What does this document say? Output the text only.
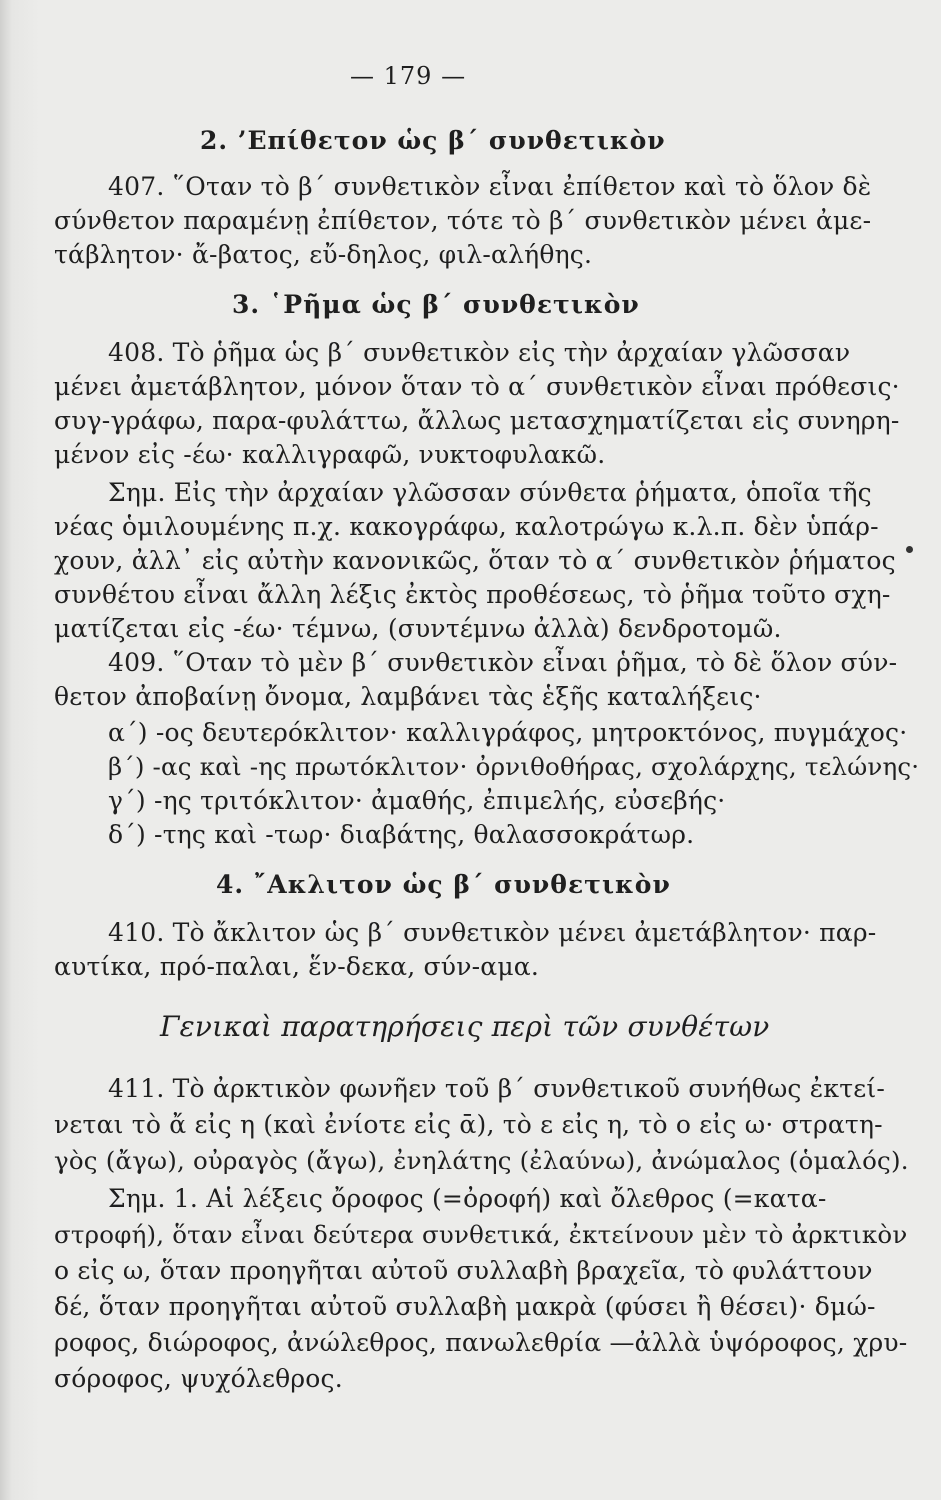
— 179 —
2. ’Επίθετον ὡς β΄ συνθετικὸν
407. ῞Οταν τὸ β΄ συνθετικὸν εἶναι ἐπίθετον καὶ τὸ ὅλον δὲ
σύνθετον παραμένῃ ἐπίθετον, τότε τὸ β΄ συνθετικὸν μένει ἀμε-
τάβλητον· ἄ-βατος, εὔ-δηλος, φιλ-αλήθης.
3. ῾Ρῆμα ὡς β΄ συνθετικὸν
408. Τὸ ῥῆμα ὡς β΄ συνθετικὸν εἰς τὴν ἀρχαίαν γλῶσσαν
μένει ἀμετάβλητον, μόνον ὅταν τὸ α΄ συνθετικὸν εἶναι πρόθεσις·
συγ-γράφω, παρα-φυλάττω, ἄλλως μετασχηματίζεται εἰς συνηρη-
μένον εἰς -έω· καλλιγραφῶ, νυκτοφυλακῶ.
Σημ. Εἰς τὴν ἀρχαίαν γλῶσσαν σύνθετα ῥήματα, ὁποῖα τῆς
νέας ὁμιλουμένης π.χ. κακογράφω, καλοτρώγω κ.λ.π. δὲν ὑπάρ-
χουν, ἀλλ᾽ εἰς αὐτὴν κανονικῶς, ὅταν τὸ α΄ συνθετικὸν ῥήματος
συνθέτου εἶναι ἄλλη λέξις ἐκτὸς προθέσεως, τὸ ῥῆμα τοῦτο σχη-
ματίζεται εἰς -έω· τέμνω, (συντέμνω ἀλλὰ) δενδροτομῶ.
409. ῞Οταν τὸ μὲν β΄ συνθετικὸν εἶναι ῥῆμα, τὸ δὲ ὅλον σύν-
θετον ἀποβαίνῃ ὄνομα, λαμβάνει τὰς ἑξῆς καταλήξεις·
α΄) -ος δευτερόκλιτον· καλλιγράφος, μητροκτόνος, πυγμάχος·
β΄) -ας καὶ -ης πρωτόκλιτον· ὀρνιθοθήρας, σχολάρχης, τελώνης·
γ΄) -ης τριτόκλιτον· ἀμαθής, ἐπιμελής, εὐσεβής·
δ΄) -της καὶ -τωρ· διαβάτης, θαλασσοκράτωρ.
4. ῎Ακλιτον ὡς β΄ συνθετικὸν
410. Τὸ ἄκλιτον ὡς β΄ συνθετικὸν μένει ἀμετάβλητον· παρ-
αυτίκα, πρό-παλαι, ἕν-δεκα, σύν-αμα.
Γενικαὶ παρατηρήσεις περὶ τῶν συνθέτων
411. Τὸ ἀρκτικὸν φωνῆεν τοῦ β΄ συνθετικοῦ συνήθως ἐκτεί-
νεται τὸ ἄ εἰς η (καὶ ἐνίοτε εἰς ᾱ), τὸ ε εἰς η, τὸ ο εἰς ω· στρατη-
γὸς (ἄγω), οὐραγὸς (ἄγω), ἐνηλάτης (ἐλαύνω), ἀνώμαλος (ὁμαλός).
Σημ. 1. Αἱ λέξεις ὄροφος (=ὀροφή) καὶ ὄλεθρος (=κατα-
στροφή), ὅταν εἶναι δεύτερα συνθετικά, ἐκτείνουν μὲν τὸ ἀρκτικὸν
ο εἰς ω, ὅταν προηγῆται αὐτοῦ συλλαβὴ βραχεῖα, τὸ φυλάττουν
δέ, ὅταν προηγῆται αὐτοῦ συλλαβὴ μακρὰ (φύσει ἢ θέσει)· δμώ-
ροφος, διώροφος, ἀνώλεθρος, πανωλεθρία —ἀλλὰ ὑψόροφος, χρυ-
σόροφος, ψυχόλεθρος.
